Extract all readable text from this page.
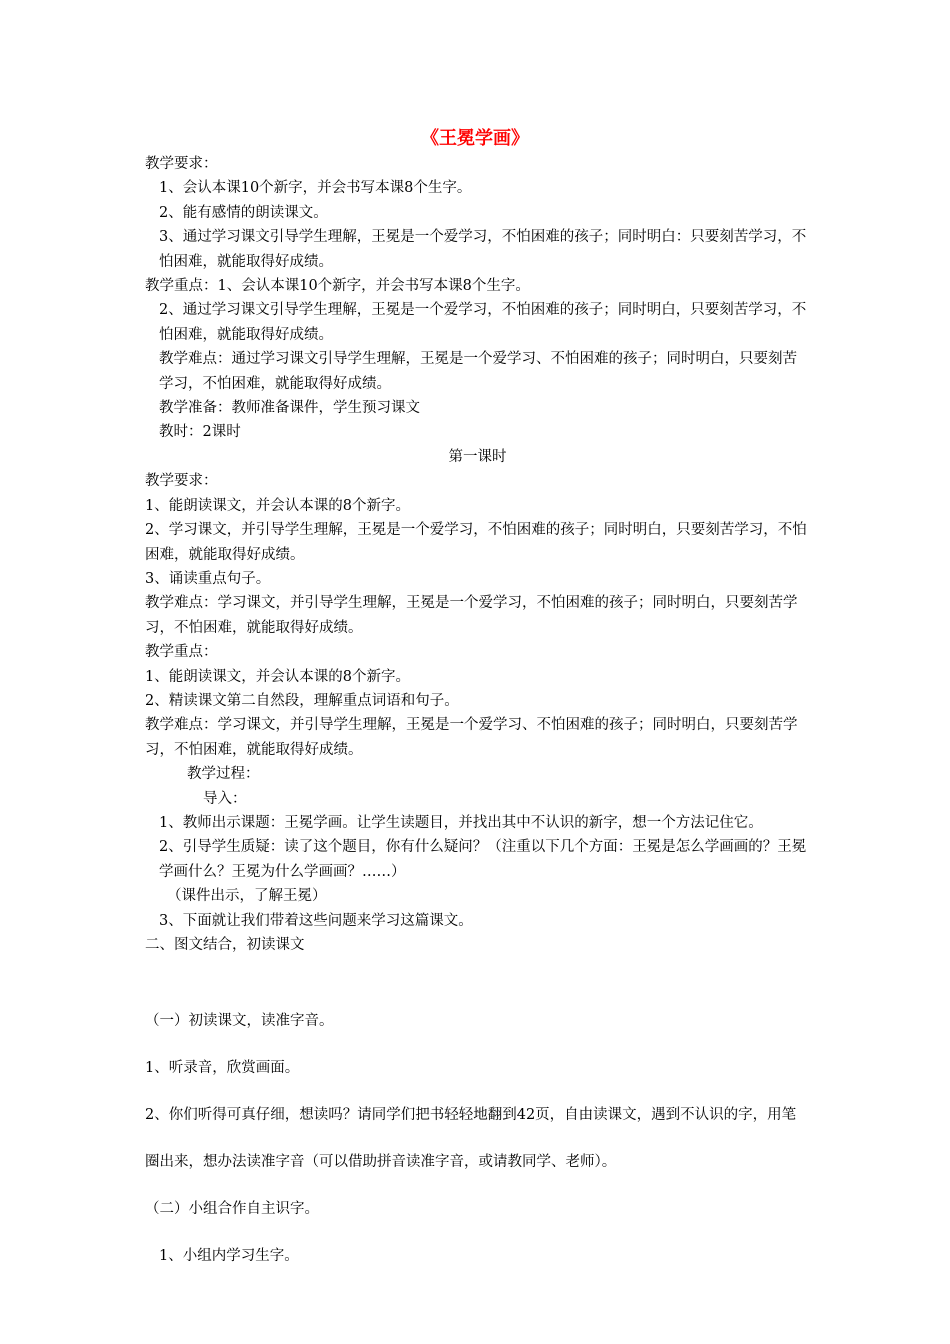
《王冕学画》

教学要求：

1、会认本课10个新字，并会书写本课8个生字。

2、能有感情的朗读课文。

3、通过学习课文引导学生理解，王冕是一个爱学习，不怕困难的孩子；同时明白：只要刻苦学习，不怕困难，就能取得好成绩。

教学重点：1、会认本课10个新字，并会书写本课8个生字。

2、通过学习课文引导学生理解，王冕是一个爱学习，不怕困难的孩子；同时明白，只要刻苦学习，不怕困难，就能取得好成绩。

教学难点：通过学习课文引导学生理解，王冕是一个爱学习、不怕困难的孩子；同时明白，只要刻苦学习，不怕困难，就能取得好成绩。

教学准备：教师准备课件，学生预习课文

教时：2课时

第一课时

教学要求：

1、能朗读课文，并会认本课的8个新字。

2、学习课文，并引导学生理解，王冕是一个爱学习，不怕困难的孩子；同时明白，只要刻苦学习，不怕困难，就能取得好成绩。

3、诵读重点句子。

教学难点：学习课文，并引导学生理解，王冕是一个爱学习，不怕困难的孩子；同时明白，只要刻苦学习，不怕困难，就能取得好成绩。

教学重点：

1、能朗读课文，并会认本课的8个新字。

2、精读课文第二自然段，理解重点词语和句子。

教学难点：学习课文，并引导学生理解，王冕是一个爱学习、不怕困难的孩子；同时明白，只要刻苦学习，不怕困难，就能取得好成绩。

教学过程：

导入：

1、教师出示课题：王冕学画。让学生读题目，并找出其中不认识的新字，想一个方法记住它。

2、引导学生质疑：读了这个题目，你有什么疑问？（注重以下几个方面：王冕是怎么学画画的？王冕学画什么？王冕为什么学画画？……）

（课件出示，了解王冕）

3、下面就让我们带着这些问题来学习这篇课文。

二、图文结合，初读课文

（一）初读课文，读准字音。

1、听录音，欣赏画面。

2、你们听得可真仔细，想读吗？请同学们把书轻轻地翻到42页，自由读课文，遇到不认识的字，用笔圈出来，想办法读准字音（可以借助拼音读准字音，或请教同学、老师）。

（二）小组合作自主识字。

1、小组内学习生字。
